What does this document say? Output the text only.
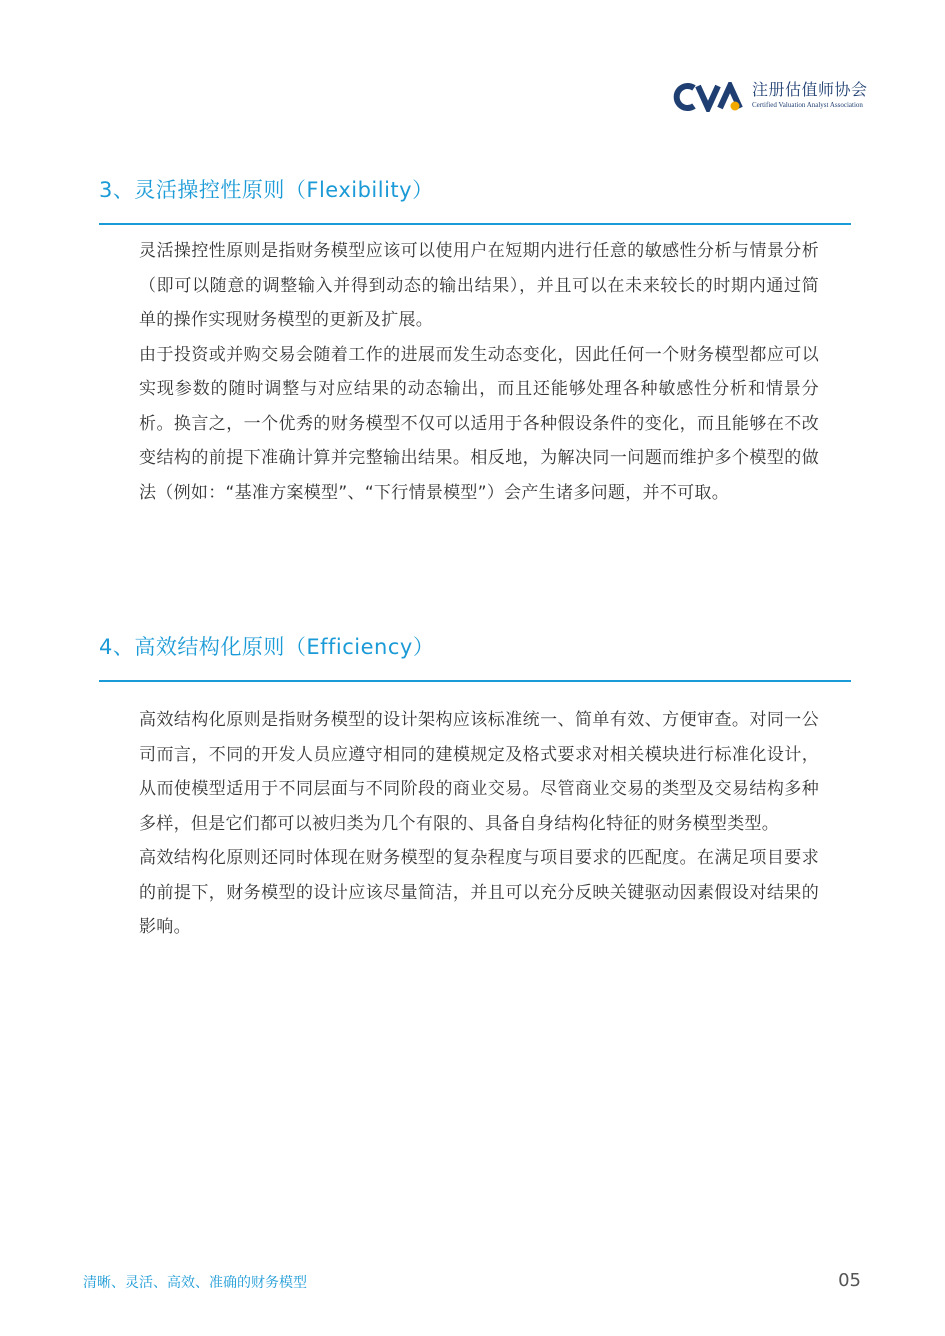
注册估值师协会
Certified Valuation Analyst Association
3、灵活操控性原则（Flexibility）

灵活操控性原则是指财务模型应该可以使用户在短期内进行任意的敏感性分析与情景分析（即可以随意的调整输入并得到动态的输出结果），并且可以在未来较长的时期内通过简单的操作实现财务模型的更新及扩展。

由于投资或并购交易会随着工作的进展而发生动态变化，因此任何一个财务模型都应可以实现参数的随时调整与对应结果的动态输出，而且还能够处理各种敏感性分析和情景分析。换言之，一个优秀的财务模型不仅可以适用于各种假设条件的变化，而且能够在不改变结构的前提下准确计算并完整输出结果。相反地，为解决同一问题而维护多个模型的做法（例如：“基准方案模型”、“下行情景模型”）会产生诸多问题，并不可取。

4、高效结构化原则（Efficiency）

高效结构化原则是指财务模型的设计架构应该标准统一、简单有效、方便审查。对同一公司而言，不同的开发人员应遵守相同的建模规定及格式要求对相关模块进行标准化设计，从而使模型适用于不同层面与不同阶段的商业交易。尽管商业交易的类型及交易结构多种多样，但是它们都可以被归类为几个有限的、具备自身结构化特征的财务模型类型。

高效结构化原则还同时体现在财务模型的复杂程度与项目要求的匹配度。在满足项目要求的前提下，财务模型的设计应该尽量简洁，并且可以充分反映关键驱动因素假设对结果的影响。

清晰、灵活、高效、准确的财务模型	05
